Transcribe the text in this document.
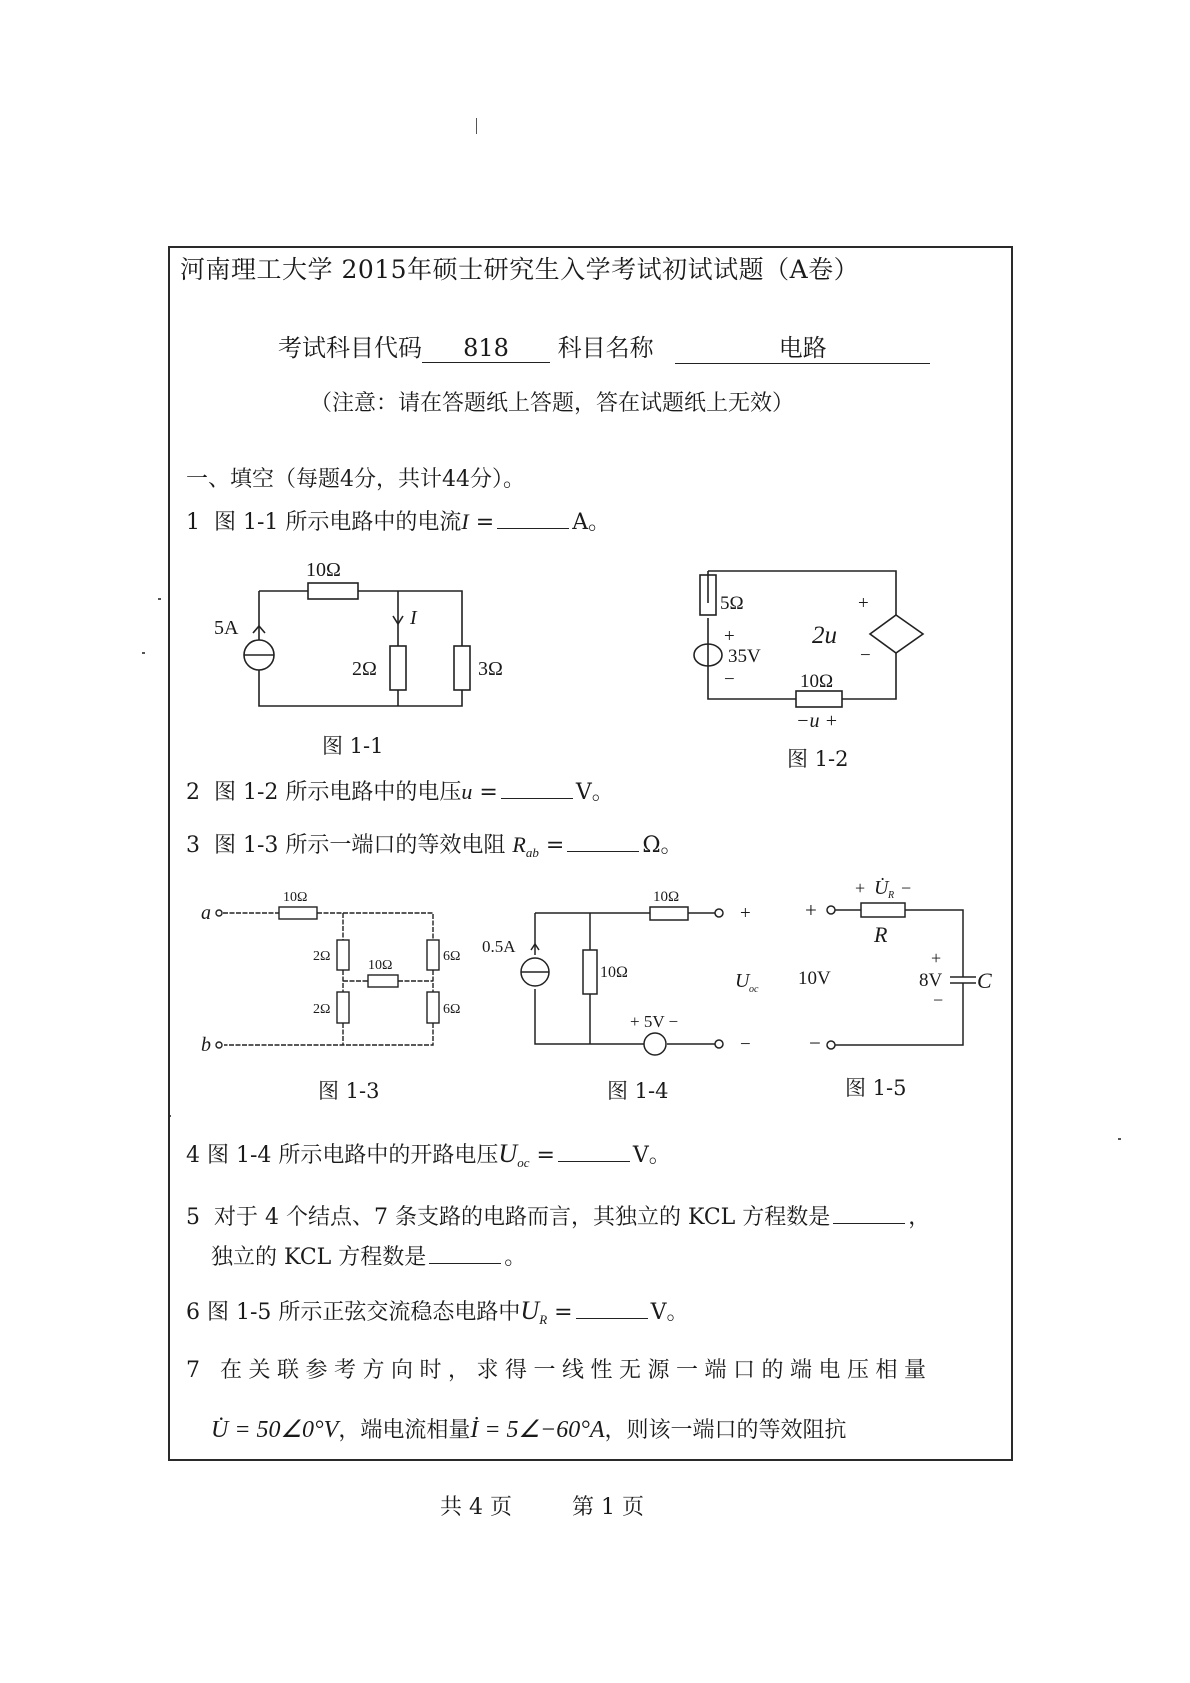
河南理工大学 2015年硕士研究生入学考试初试试题（A卷）
考试科目代码 818 科目名称	电路
（注意：请在答题纸上答题，答在试题纸上无效）
一、填空（每题4分，共计44分）。
1 图 1-1 所示电路中的电流I =	A。
10Ω
5A	I
2Ω	3Ω
图 1-1
5Ω
+
35V
−
+
2u
−
10Ω
−u +
图 1-2
2 图 1-2 所示电路中的电压u =	V。
3 图 1-3 所示一端口的等效电阻 $R_{ab}$ =	Ω。
a
b
10Ω
2Ω
2Ω
10Ω
6Ω
6Ω
图 1-3
10Ω
0.5A
10Ω
+ 5V −
+
−
U oc
图 1-4
+
−
10V
+ U̇ R −
R
+
8V
−
C
图 1-5
4 图 1-4 所示电路中的开路电压$U_{oc}$ =	V。
5 对于 4 个结点、7 条支路的电路而言，其独立的 KCL 方程数是	，
独立的 KCL 方程数是	。
6 图 1-5 所示正弦交流稳态电路中$U_R$ =	V。
7 在关联参考方向时，求得一线性无源一端口的端电压相量
U̇ = 50∠0°V，端电流相量İ = 5∠−60°A，则该一端口的等效阻抗
共 4 页	第 1 页
